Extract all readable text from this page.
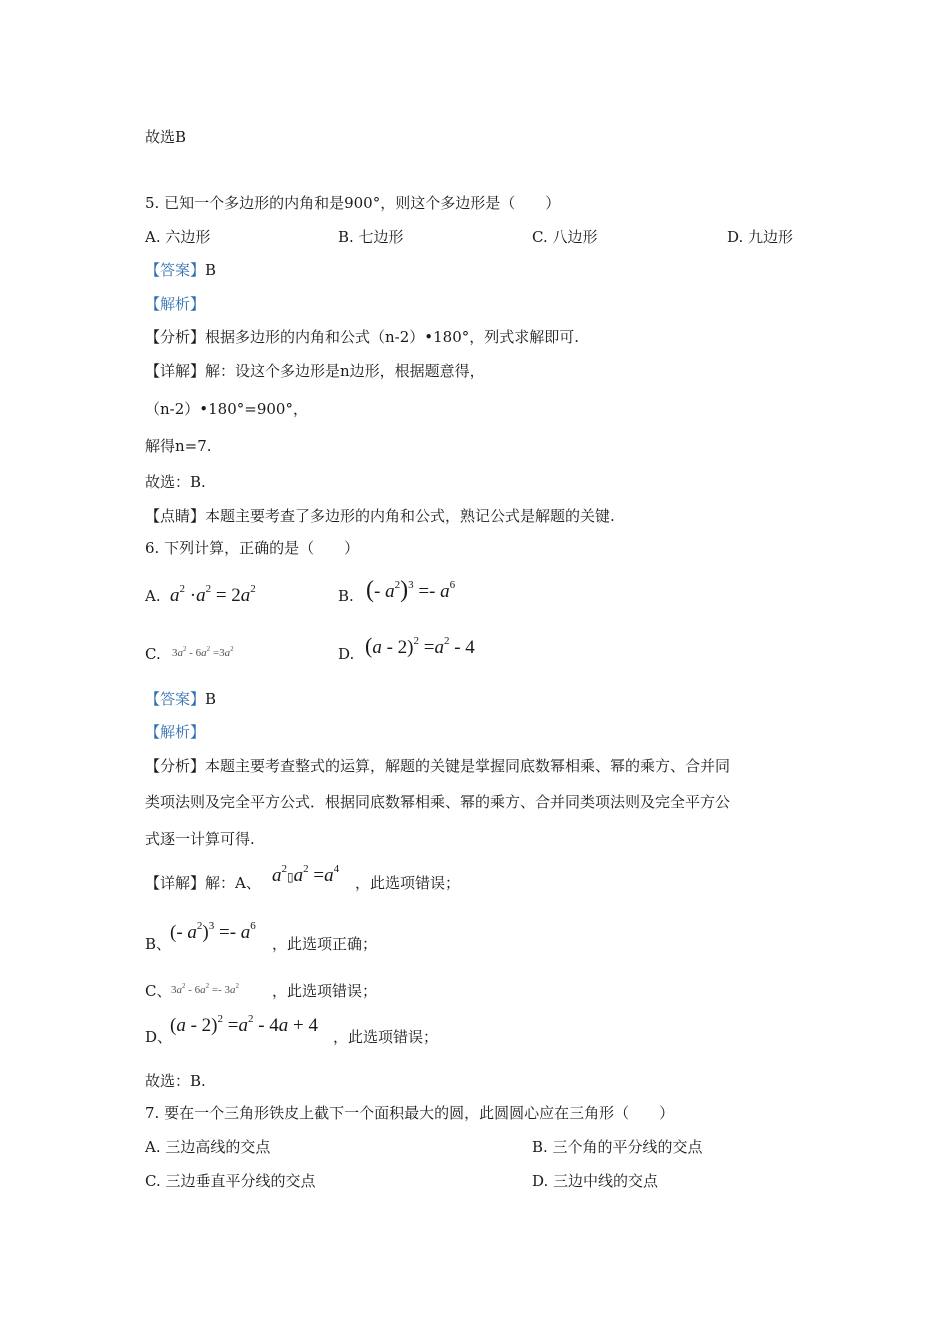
故选B
5. 已知一个多边形的内角和是900°，则这个多边形是（　　）
A. 六边形	B. 七边形	C. 八边形	D. 九边形
【答案】B
【解析】
【分析】根据多边形的内角和公式（n-2）•180°，列式求解即可.
【详解】解：设这个多边形是n边形，根据题意得，
（n-2）•180°=900°，
解得n=7.
故选：B.
【点睛】本题主要考查了多边形的内角和公式，熟记公式是解题的关键.
6. 下列计算，正确的是（　　）
A. $a^2 \cdot a^2 = 2a^2$	B. (- $a^2)^3 =- a^6$
C. $3a^2 - 6a^2 =3a^2$	D. $(a - 2)^2 =a^2 - 4$
【答案】B
【解析】
【分析】本题主要考查整式的运算，解题的关键是掌握同底数幂相乘、幂的乘方、合并同
类项法则及完全平方公式．根据同底数幂相乘、幂的乘方、合并同类项法则及完全平方公
式逐一计算可得.
【详解】解：A、 $a^2▯a^2 =a^4$
，此选项错误；
B、
(- $a^2)^3 =- a^6$
，此选项正确；
C、 $3a^2 - 6a^2 =- 3a^2$ ，此选项错误；
D、
$(a - 2)^2 =a^2 - 4a + 4$
，此选项错误；
故选：B.
7. 要在一个三角形铁皮上截下一个面积最大的圆，此圆圆心应在三角形（　　）
A. 三边高线的交点	B. 三个角的平分线的交点
C. 三边垂直平分线的交点	D. 三边中线的交点
